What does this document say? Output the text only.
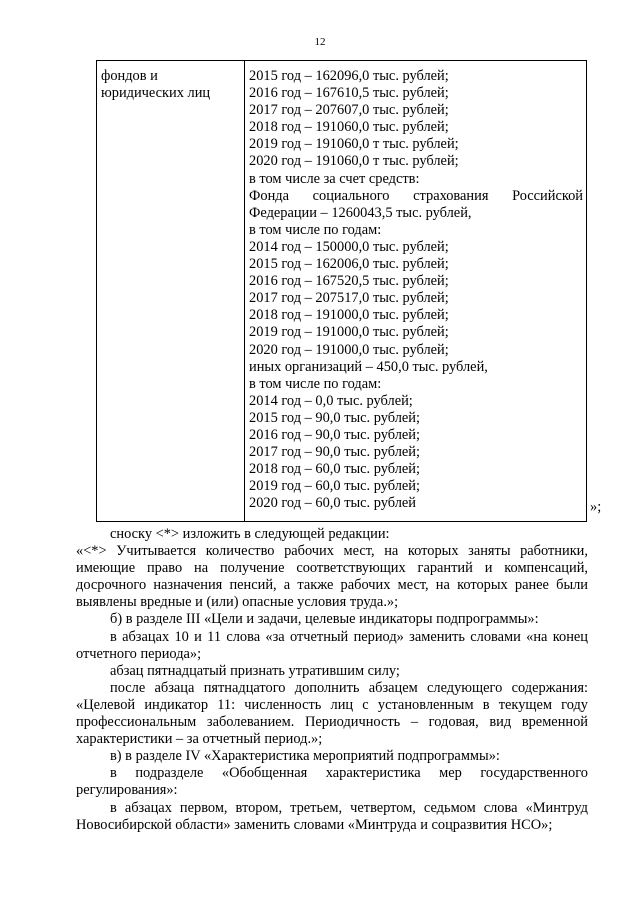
12
фондов и
юридических лиц
2015 год – 162096,0 тыс. рублей;
2016 год – 167610,5 тыс. рублей;
2017 год – 207607,0 тыс. рублей;
2018 год – 191060,0 тыс. рублей;
2019 год – 191060,0 т тыс. рублей;
2020 год – 191060,0 т тыс. рублей;
в том числе за счет средств:
Фонда социального страхования Российской
Федерации – 1260043,5 тыс. рублей,
в том числе по годам:
2014 год – 150000,0 тыс. рублей;
2015 год – 162006,0 тыс. рублей;
2016 год – 167520,5 тыс. рублей;
2017 год – 207517,0 тыс. рублей;
2018 год – 191000,0 тыс. рублей;
2019 год – 191000,0 тыс. рублей;
2020 год – 191000,0 тыс. рублей;
иных организаций – 450,0 тыс. рублей,
в том числе по годам:
2014 год – 0,0 тыс. рублей;
2015 год – 90,0 тыс. рублей;
2016 год – 90,0 тыс. рублей;
2017 год – 90,0 тыс. рублей;
2018 год – 60,0 тыс. рублей;
2019 год – 60,0 тыс. рублей;
2020 год – 60,0 тыс. рублей	»;
сноску <*> изложить в следующей редакции:
«<*> Учитывается количество рабочих мест, на которых заняты работники,
имеющие право на получение соответствующих гарантий и компенсаций,
досрочного назначения пенсий, а также рабочих мест, на которых ранее были
выявлены вредные и (или) опасные условия труда.»;
б) в разделе III «Цели и задачи, целевые индикаторы подпрограммы»:
в абзацах 10 и 11 слова «за отчетный период» заменить словами «на конец
отчетного периода»;
абзац пятнадцатый признать утратившим силу;
после абзаца пятнадцатого дополнить абзацем следующего содержания:
«Целевой индикатор 11: численность лиц с установленным в текущем году
профессиональным заболеванием. Периодичность – годовая, вид временной
характеристики – за отчетный период.»;
в) в разделе IV «Характеристика мероприятий подпрограммы»:
в подразделе «Обобщенная характеристика мер государственного
регулирования»:
в абзацах первом, втором, третьем, четвертом, седьмом слова «Минтруд
Новосибирской области» заменить словами «Минтруда и соцразвития НСО»;
